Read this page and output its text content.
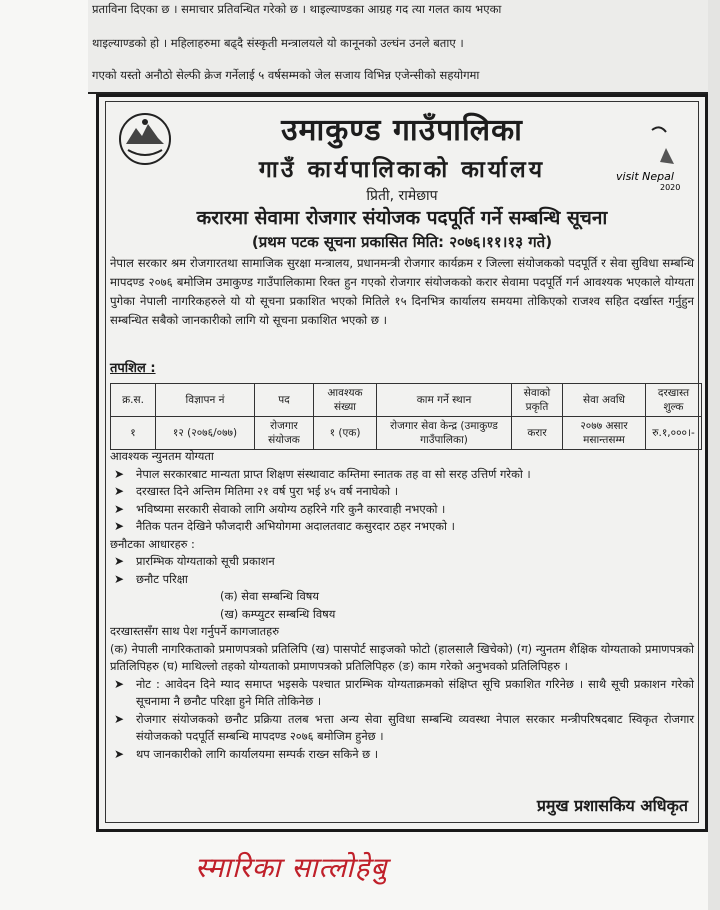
प्रताविना दिएका छ । समाचार प्रतिवन्धित गरेको छ । थाइल्याण्डका आग्रह गद त्या गलत काय भएका
थाइल्याण्डको हो । महिलाहरुमा बढ्दै संस्कृती मन्त्रालयले यो कानूनको उल्घंन उनले बताए ।
गएको यस्तो अनौठो सेल्फी क्रेज गर्नेलाई ५ वर्षसम्मको जेल सजाय विभिन्न एजेन्सीको सहयोगमा
visit Nepal
2020
उमाकुण्ड गाउँपालिका
गाउँ कार्यपालिकाको कार्यालय
प्रिती, रामेछाप
करारमा सेवामा रोजगार संयोजक पदपूर्ति गर्ने सम्बन्धि सूचना
(प्रथम पटक सूचना प्रकासित मिति: २०७६।११।१३ गते)
नेपाल सरकार श्रम रोजगारतथा सामाजिक सुरक्षा मन्त्रालय, प्रधानमन्त्री रोजगार कार्यक्रम र जिल्ला संयोजकको पदपूर्ति र सेवा सुविधा सम्बन्धि मापदण्ड २०७६ बमोजिम उमाकुण्ड गाउँपालिकामा रिक्त हुन गएको रोजगार संयोजकको करार सेवामा पदपूर्ति गर्न आवश्यक भएकाले योग्यता पुगेका नेपाली नागरिकहरुले यो यो सूचना प्रकाशित भएको मितिले १५ दिनभित्र कार्यालय समयमा तोकिएको राजश्व सहित दर्खास्त गर्नुहुन सम्बन्धित सबैको जानकारीको लागि यो सूचना प्रकाशित भएको छ ।
तपशिल :
क्र.स.	विज्ञापन नं	पद	आवश्यक संख्या	काम गर्ने स्थान	सेवाको प्रकृति	सेवा अवधि	दरखास्त शुल्क
१	१२ (२०७६/०७७)	रोजगार संयोजक	१ (एक)	रोजगार सेवा केन्द्र (उमाकुण्ड गाउँपालिका)	करार	२०७७ असार मसान्तसम्म	रु.१,०००।-
आवश्यक न्युनतम योग्यता
➤ नेपाल सरकारबाट मान्यता प्राप्त शिक्षण संस्थावाट कम्तिमा स्नातक तह वा सो सरह उत्तिर्ण गरेको ।
➤ दरखास्त दिने अन्तिम मितिमा २१ वर्ष पुरा भई ४५ वर्ष ननाघेको ।
➤ भविष्यमा सरकारी सेवाको लागि अयोग्य ठहरिने गरि कुनै कारवाही नभएको ।
➤ नैतिक पतन देखिने फौजदारी अभियोगमा अदालतवाट कसुरदार ठहर नभएको ।
छनौटका आधारहरु :
➤ प्रारम्भिक योग्यताको सूची प्रकाशन
➤ छनौट परिक्षा
(क) सेवा सम्बन्धि विषय
(ख) कम्प्युटर सम्बन्धि विषय
दरखास्तसँग साथ पेश गर्नुपर्ने कागजातहरु
(क) नेपाली नागरिकताको प्रमाणपत्रको प्रतिलिपि (ख) पासपोर्ट साइजको फोटो (हालसालै खिचेको) (ग) न्युनतम शैक्षिक योग्यताको प्रमाणपत्रको प्रतिलिपिहरु (घ) माथिल्लो तहको योग्यताको प्रमाणपत्रको प्रतिलिपिहरु (ङ) काम गरेको अनुभवको प्रतिलिपिहरु ।
➤ नोट : आवेदन दिने म्याद समाप्त भइसके पश्चात प्रारम्भिक योग्यताक्रमको संक्षिप्त सूचि प्रकाशित गरिनेछ । साथै सूची प्रकाशन गरेको सूचनामा नै छनौट परिक्षा हुने मिति तोकिनेछ ।
➤ रोजगार संयोजकको छनौट प्रक्रिया तलब भत्ता अन्य सेवा सुविधा सम्बन्धि व्यवस्था नेपाल सरकार मन्त्रीपरिषदबाट स्विकृत रोजगार संयोजकको पदपूर्ति सम्बन्धि मापदण्ड २०७६ बमोजिम हुनेछ ।
➤ थप जानकारीको लागि कार्यालयमा सम्पर्क राख्न सकिने छ ।
प्रमुख प्रशासकिय अधिकृत
स्मारिका सात्लोहेबु
